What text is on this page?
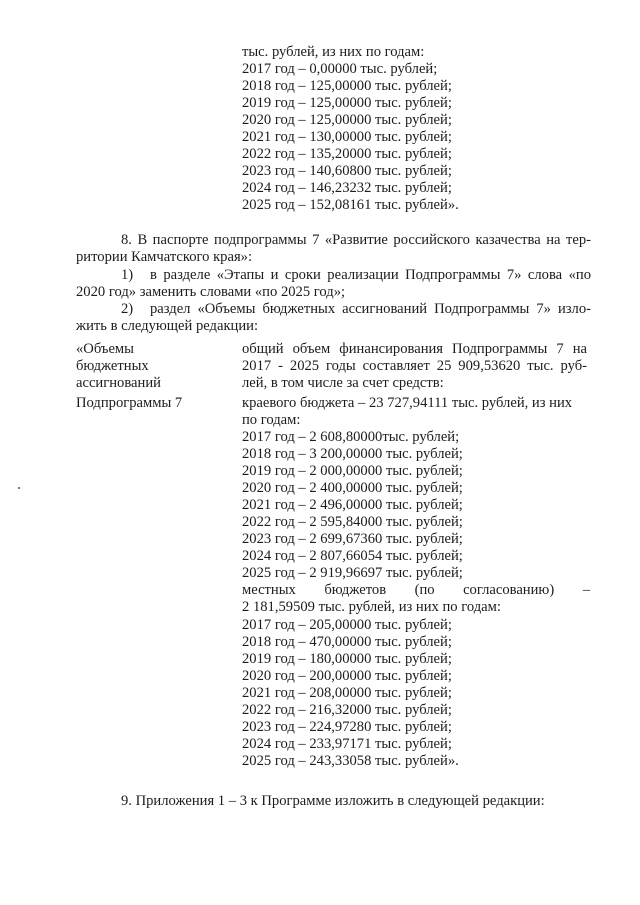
тыс. рублей, из них по годам:
2017 год – 0,00000 тыс. рублей;
2018 год – 125,00000 тыс. рублей;
2019 год – 125,00000 тыс. рублей;
2020 год – 125,00000 тыс. рублей;
2021 год – 130,00000 тыс. рублей;
2022 год – 135,20000 тыс. рублей;
2023 год – 140,60800 тыс. рублей;
2024 год – 146,23232 тыс. рублей;
2025 год – 152,08161 тыс. рублей».
8. В паспорте подпрограммы 7 «Развитие российского казачества на тер-
ритории Камчатского края»:
1) в разделе «Этапы и сроки реализации Подпрограммы 7» слова «по
2020 год» заменить словами «по 2025 год»;
2) раздел «Объемы бюджетных ассигнований Подпрограммы 7» изло-
жить в следующей редакции:
«Объемы
бюджетных
ассигнований
Подпрограммы 7
общий объем финансирования Подпрограммы 7 на
2017 - 2025 годы составляет 25 909,53620 тыс. руб-
лей, в том числе за счет средств:
краевого бюджета – 23 727,94111 тыс. рублей, из них
по годам:
2017 год – 2 608,80000тыс. рублей;
2018 год – 3 200,00000 тыс. рублей;
2019 год – 2 000,00000 тыс. рублей;
2020 год – 2 400,00000 тыс. рублей;
2021 год – 2 496,00000 тыс. рублей;
2022 год – 2 595,84000 тыс. рублей;
2023 год – 2 699,67360 тыс. рублей;
2024 год – 2 807,66054 тыс. рублей;
2025 год – 2 919,96697 тыс. рублей;
местных бюджетов (по согласованию) –
2 181,59509 тыс. рублей, из них по годам:
2017 год – 205,00000 тыс. рублей;
2018 год – 470,00000 тыс. рублей;
2019 год – 180,00000 тыс. рублей;
2020 год – 200,00000 тыс. рублей;
2021 год – 208,00000 тыс. рублей;
2022 год – 216,32000 тыс. рублей;
2023 год – 224,97280 тыс. рублей;
2024 год – 233,97171 тыс. рублей;
2025 год – 243,33058 тыс. рублей».
9. Приложения 1 – 3 к Программе изложить в следующей редакции:
